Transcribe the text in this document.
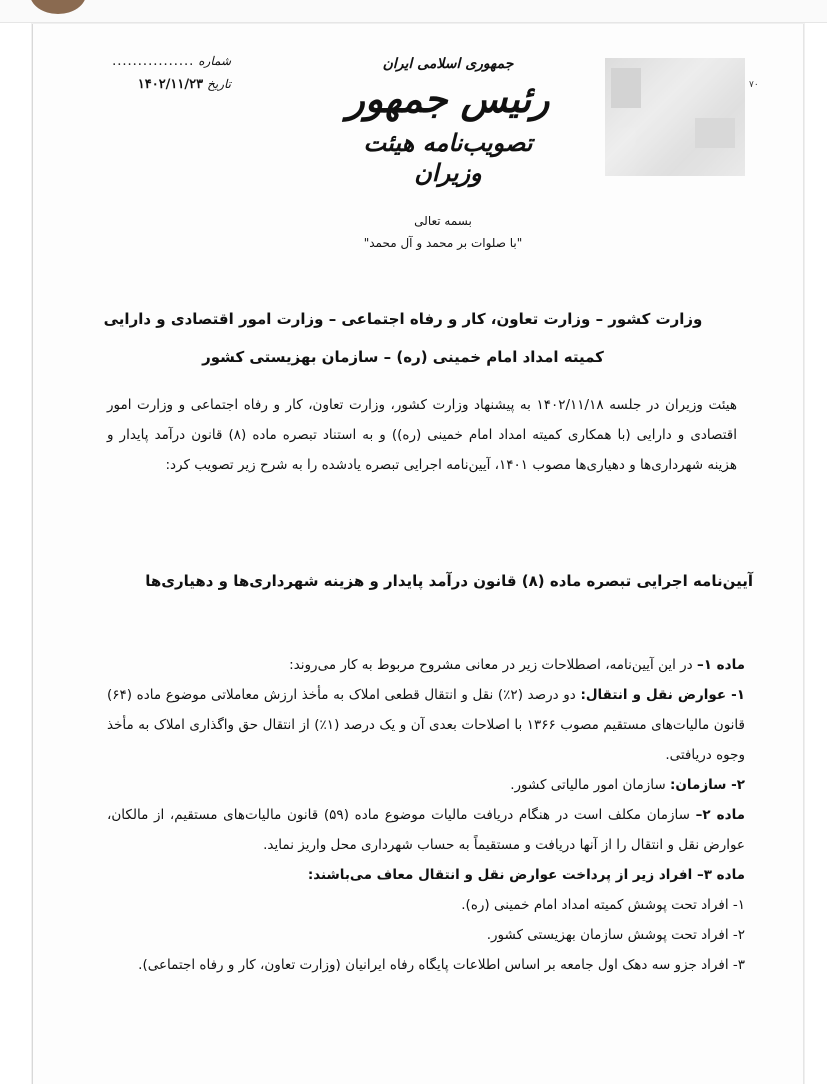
شماره
................
تاریخ
۱۴۰۲/۱۱/۲۳
جمهوری اسلامی ایران
رئیس جمهور
تصویب‌نامه هیئت وزیران
۷۰
بسمه تعالی
"با صلوات بر محمد و آل محمد"
وزارت کشور – وزارت تعاون، کار و رفاه اجتماعی – وزارت امور اقتصادی و دارایی
کمیته امداد امام خمینی (ره) – سازمان بهزیستی کشور
هیئت وزیران در جلسه ۱۴۰۲/۱۱/۱۸ به پیشنهاد وزارت کشور، وزارت تعاون، کار و رفاه اجتماعی و وزارت امور اقتصادی و دارایی (با همکاری کمیته امداد امام خمینی (ره)) و به استناد تبصره ماده (۸) قانون درآمد پایدار و هزینه شهرداری‌ها و دهیاری‌ها مصوب ۱۴۰۱، آیین‌نامه اجرایی تبصره یادشده را به شرح زیر تصویب کرد:
آیین‌نامه اجرایی تبصره ماده (۸) قانون درآمد پایدار و هزینه شهرداری‌ها و دهیاری‌ها

ماده ۱– در این آیین‌نامه، اصطلاحات زیر در معانی مشروح مربوط به کار می‌روند:

۱- عوارض نقل و انتقال: دو درصد (۲٪) نقل و انتقال قطعی املاک به مأخذ ارزش معاملاتی موضوع ماده (۶۴) قانون مالیات‌های مستقیم مصوب ۱۳۶۶ با اصلاحات بعدی آن و یک درصد (۱٪) از انتقال حق واگذاری املاک به مأخذ وجوه دریافتی.

۲- سازمان: سازمان امور مالیاتی کشور.

ماده ۲– سازمان مکلف است در هنگام دریافت مالیات موضوع ماده (۵۹) قانون مالیات‌های مستقیم، از مالکان، عوارض نقل و انتقال را از آنها دریافت و مستقیماً به حساب شهرداری محل واریز نماید.

ماده ۳– افراد زیر از پرداخت عوارض نقل و انتقال معاف می‌باشند:

۱- افراد تحت پوشش کمیته امداد امام خمینی (ره).

۲- افراد تحت پوشش سازمان بهزیستی کشور.

۳- افراد جزو سه دهک اول جامعه بر اساس اطلاعات پایگاه رفاه ایرانیان (وزارت تعاون، کار و رفاه اجتماعی).
